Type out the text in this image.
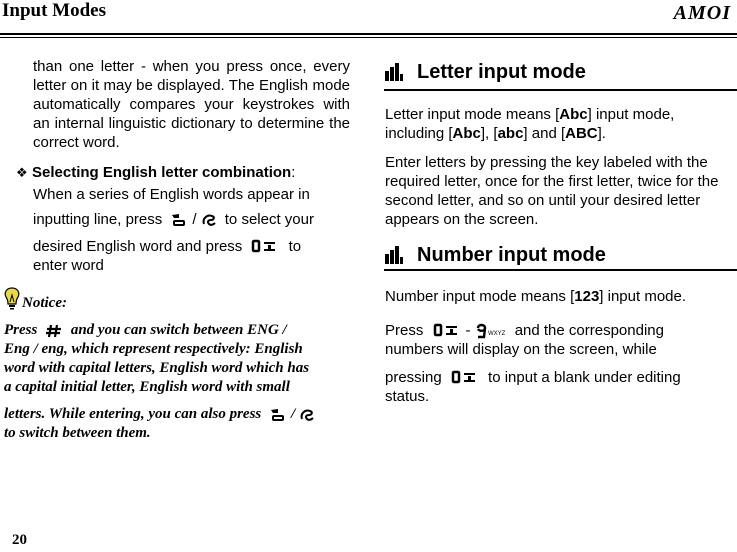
Input Modes	AMOI
than one letter - when you press once, every letter on it may be displayed. The English mode automatically compares your keystrokes with an internal linguistic dictionary to determine the correct word.
❖ Selecting English letter combination:
When a series of English words appear in
inputting line, press / to select your
desired English word and press	to
enter word
Notice:
Press and you can switch between ENG /
Eng / eng, which represent respectively: English
word with capital letters, English word which has
a capital initial letter, English word with small
letters. While entering, you can also press /
to switch between them.
Letter input mode
Letter input mode means [Abc] input mode,
including [Abc], [abc] and [ABC].
Enter letters by pressing the key labeled with the required letter, once for the first letter, twice for the second letter, and so on until your desired letter appears on the screen.
Number input mode
Number input mode means [123] input mode.
Press	-	WXYZ and the corresponding
numbers will display on the screen, while
pressing	to input a blank under editing
status.
20
